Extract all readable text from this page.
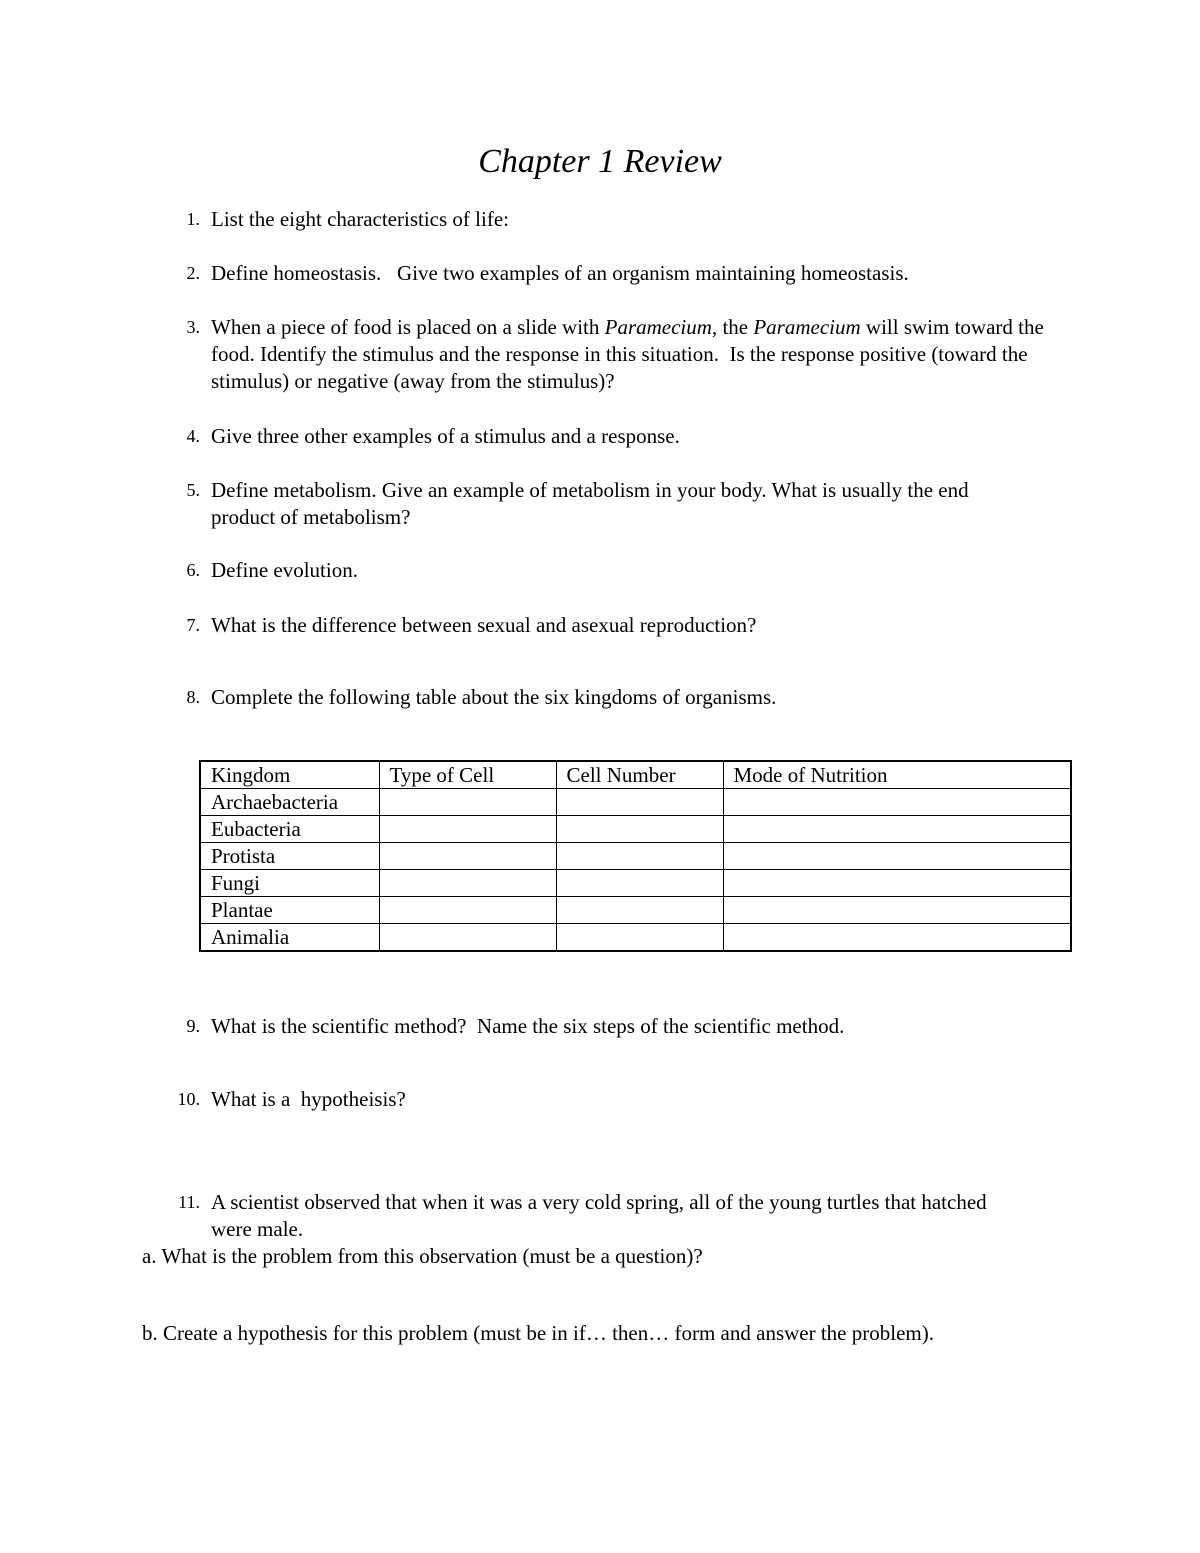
Chapter 1 Review
1. List the eight characteristics of life:
2. Define homeostasis.   Give two examples of an organism maintaining homeostasis.
3. When a piece of food is placed on a slide with Paramecium, the Paramecium will swim toward the food. Identify the stimulus and the response in this situation.  Is the response positive (toward the stimulus) or negative (away from the stimulus)?
4. Give three other examples of a stimulus and a response.
5. Define metabolism. Give an example of metabolism in your body. What is usually the end product of metabolism?
6. Define evolution.
7. What is the difference between sexual and asexual reproduction?
8. Complete the following table about the six kingdoms of organisms.
Kingdom	Type of Cell	Cell Number	Mode of Nutrition
Archaebacteria			
Eubacteria			
Protista			
Fungi			
Plantae			
Animalia			
9. What is the scientific method?  Name the six steps of the scientific method.
10. What is a  hypotheisis?
11. A scientist observed that when it was a very cold spring, all of the young turtles that hatched were male.
a. What is the problem from this observation (must be a question)?
b. Create a hypothesis for this problem (must be in if… then… form and answer the problem).
